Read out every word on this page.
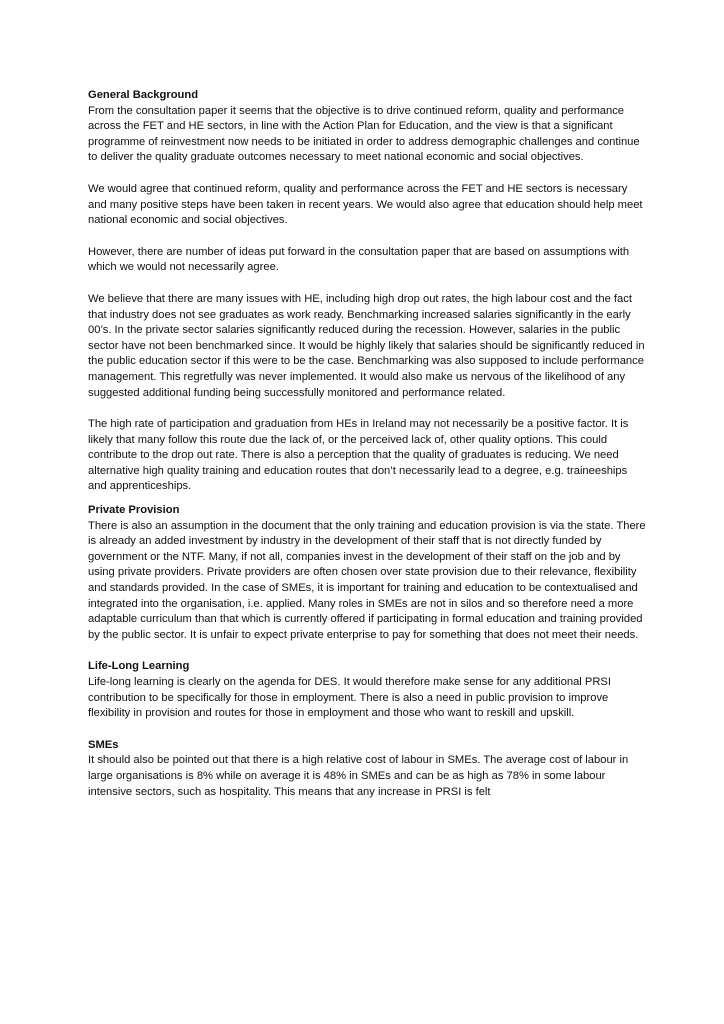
General Background

From the consultation paper it seems that the objective is to drive continued reform, quality and performance across the FET and HE sectors, in line with the Action Plan for Education, and the view is that a significant programme of reinvestment now needs to be initiated in order to address demographic challenges and continue to deliver the quality graduate outcomes necessary to meet national economic and social objectives.

We would agree that continued reform, quality and performance across the FET and HE sectors is necessary and many positive steps have been taken in recent years. We would also agree that education should help meet national economic and social objectives.

However, there are number of ideas put forward in the consultation paper that are based on assumptions with which we would not necessarily agree.

We believe that there are many issues with HE, including high drop out rates, the high labour cost and the fact that industry does not see graduates as work ready. Benchmarking increased salaries significantly in the early 00’s. In the private sector salaries significantly reduced during the recession. However, salaries in the public sector have not been benchmarked since. It would be highly likely that salaries should be significantly reduced in the public education sector if this were to be the case. Benchmarking was also supposed to include performance management. This regretfully was never implemented. It would also make us nervous of the likelihood of any suggested additional funding being successfully monitored and performance related.

The high rate of participation and graduation from HEs in Ireland may not necessarily be a positive factor. It is likely that many follow this route due the lack of, or the perceived lack of, other quality options. This could contribute to the drop out rate. There is also a perception that the quality of graduates is reducing. We need alternative high quality training and education routes that don’t necessarily lead to a degree, e.g. traineeships and apprenticeships.

Private Provision

There is also an assumption in the document that the only training and education provision is via the state. There is already an added investment by industry in the development of their staff that is not directly funded by government or the NTF. Many, if not all, companies invest in the development of their staff on the job and by using private providers. Private providers are often chosen over state provision due to their relevance, flexibility and standards provided. In the case of SMEs, it is important for training and education to be contextualised and integrated into the organisation, i.e. applied. Many roles in SMEs are not in silos and so therefore need a more adaptable curriculum than that which is currently offered if participating in formal education and training provided by the public sector. It is unfair to expect private enterprise to pay for something that does not meet their needs.

Life-Long Learning

Life-long learning is clearly on the agenda for DES. It would therefore make sense for any additional PRSI contribution to be specifically for those in employment. There is also a need in public provision to improve flexibility in provision and routes for those in employment and those who want to reskill and upskill.

SMEs

It should also be pointed out that there is a high relative cost of labour in SMEs. The average cost of labour in large organisations is 8% while on average it is 48% in SMEs and can be as high as 78% in some labour intensive sectors, such as hospitality. This means that any increase in PRSI is felt
